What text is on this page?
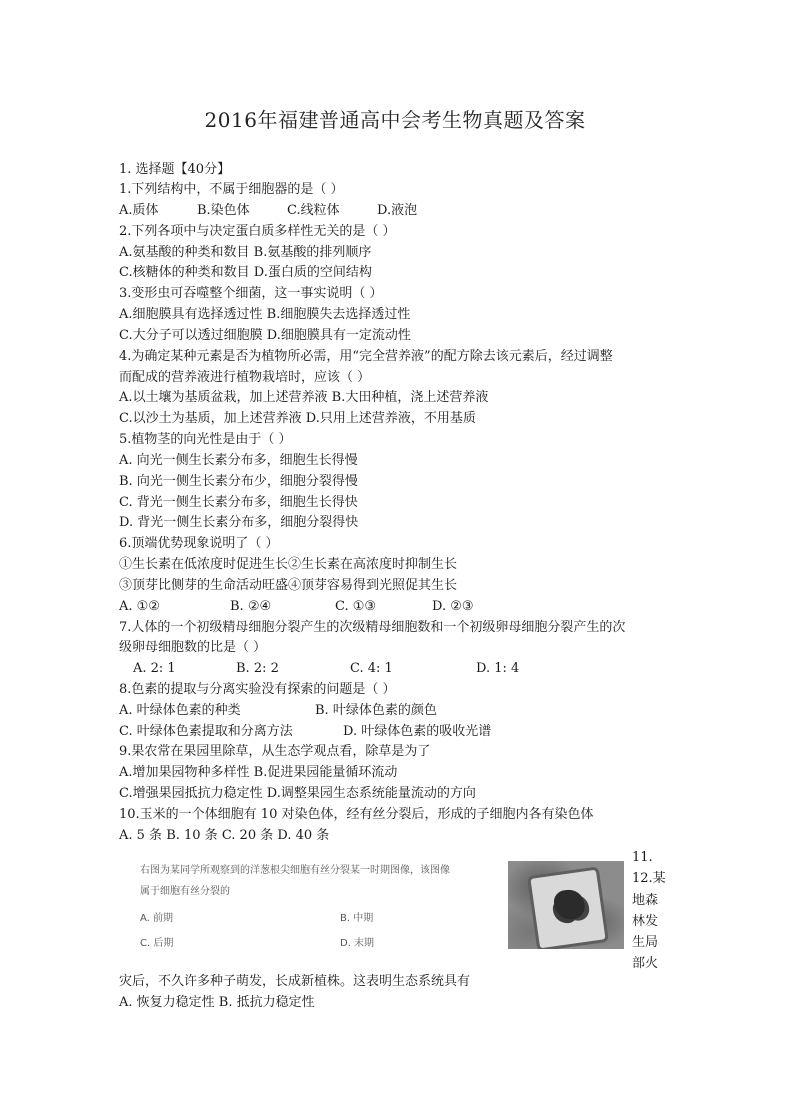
2016年福建普通高中会考生物真题及答案
1. 选择题【40分】
1.下列结构中，不属于细胞器的是（ ）
A.质体	B.染色体	C.线粒体	D.液泡
2.下列各项中与决定蛋白质多样性无关的是（ ）
A.氨基酸的种类和数目 B.氨基酸的排列顺序
C.核糖体的种类和数目 D.蛋白质的空间结构
3.变形虫可吞噬整个细菌，这一事实说明（ ）
A.细胞膜具有选择透过性 B.细胞膜失去选择透过性
C.大分子可以透过细胞膜 D.细胞膜具有一定流动性
4.为确定某种元素是否为植物所必需，用“完全营养液”的配方除去该元素后，经过调整
而配成的营养液进行植物栽培时，应该（ ）
A.以土壤为基质盆栽，加上述营养液 B.大田种植，浇上述营养液
C.以沙土为基质，加上述营养液 D.只用上述营养液，不用基质
5.植物茎的向光性是由于（ ）
A. 向光一侧生长素分布多，细胞生长得慢
B. 向光一侧生长素分布少，细胞分裂得慢
C. 背光一侧生长素分布多，细胞生长得快
D. 背光一侧生长素分布多，细胞分裂得快
6.顶端优势现象说明了（ ）
①生长素在低浓度时促进生长②生长素在高浓度时抑制生长
③顶芽比侧芽的生命活动旺盛④顶芽容易得到光照促其生长
A. ①②	B. ②④	C. ①③	D. ②③
7.人体的一个初级精母细胞分裂产生的次级精母细胞数和一个初级卵母细胞分裂产生的次
级卵母细胞数的比是（ ）
A. 2: 1	B. 2: 2	C. 4: 1	D. 1: 4
8.色素的提取与分离实验没有探索的问题是（ ）
A. 叶绿体色素的种类	B. 叶绿体色素的颜色
C. 叶绿体色素提取和分离方法	D. 叶绿体色素的吸收光谱
9.果农常在果园里除草，从生态学观点看，除草是为了
A.增加果园物种多样性 B.促进果园能量循环流动
C.增强果园抵抗力稳定性 D.调整果园生态系统能量流动的方向
10.玉米的一个体细胞有 10 对染色体，经有丝分裂后，形成的子细胞内各有染色体
A. 5 条 B. 10 条 C. 20 条 D. 40 条
右图为某同学所观察到的洋葱根尖细胞有丝分裂某一时期图像，该图像
属于细胞有丝分裂的
A. 前期	B. 中期
C. 后期	D. 末期
11.
12.某
地森
林发
生局
部火
灾后，不久许多种子萌发，长成新植株。这表明生态系统具有
A. 恢复力稳定性 B. 抵抗力稳定性
